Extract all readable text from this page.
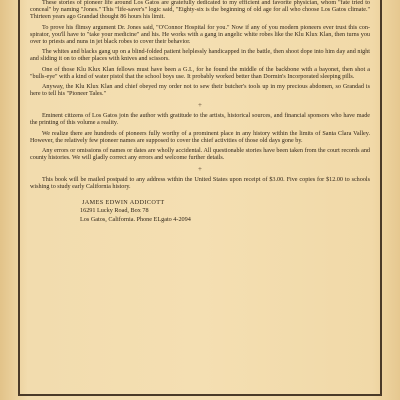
These stories of pioneer life around Los Gatos are gratefully dedicated to my efficient and favorite physician, whom "fate tried to conceal" by naming "Jones." This "life-saver's" logic said, "Eighty-six is the beginning of old age for all who choose Los Gatos climate." Thirteen years ago Grandad thought 86 hours his limit.

To prove his flimsy argument Dr. Jones said, "O'Connor Hospital for you." Now if any of you modern pioneers ever trust this con-spirator, you'll have to "take your medicine" and his. He works with a gang in angelic white robes like the Klu Klux Klan, then turns you over to priests and nuns in jet black robes to cover their behavior.

The whites and blacks gang up on a blind-folded patient helplessly handicapped in the battle, then shoot dope into him day and night and sliding it on to other places with knives and scissors.

One of those Klu Klux Klan fellows must have been a G.I., for he found the middle of the backbone with a bayonet, then shot a "bulls-eye" with a kind of water pistol that the school boys use. It probably worked better than Dormin's Incorporated sleeping pills.

Anyway, the Klu Klux Klan and chief obeyed my order not to sew their butcher's tools up in my precious abdomen, so Grandad is here to tell his "Pioneer Tales."

+

Eminent citizens of Los Gatos join the author with gratitude to the artists, historical sources, and financial sponsors who have made the printing of this volume a reality.

We realize there are hundreds of pioneers fully worthy of a prominent place in any history within the limits of Santa Clara Valley. However, the relatively few pioneer names are supposed to cover the chief activities of those old days gone by.

Any errors or omissions of names or dates are wholly accidental. All questionable stories have been taken from the court records and county histories. We will gladly correct any errors and welcome further details.

+

This book will be mailed postpaid to any address within the United States upon receipt of $3.00. Five copies for $12.00 to schools wishing to study early California history.

JAMES EDWIN ADDICOTT
16291 Lucky Road, Box 78
Los Gatos, California. Phone ELgato 4-2094
